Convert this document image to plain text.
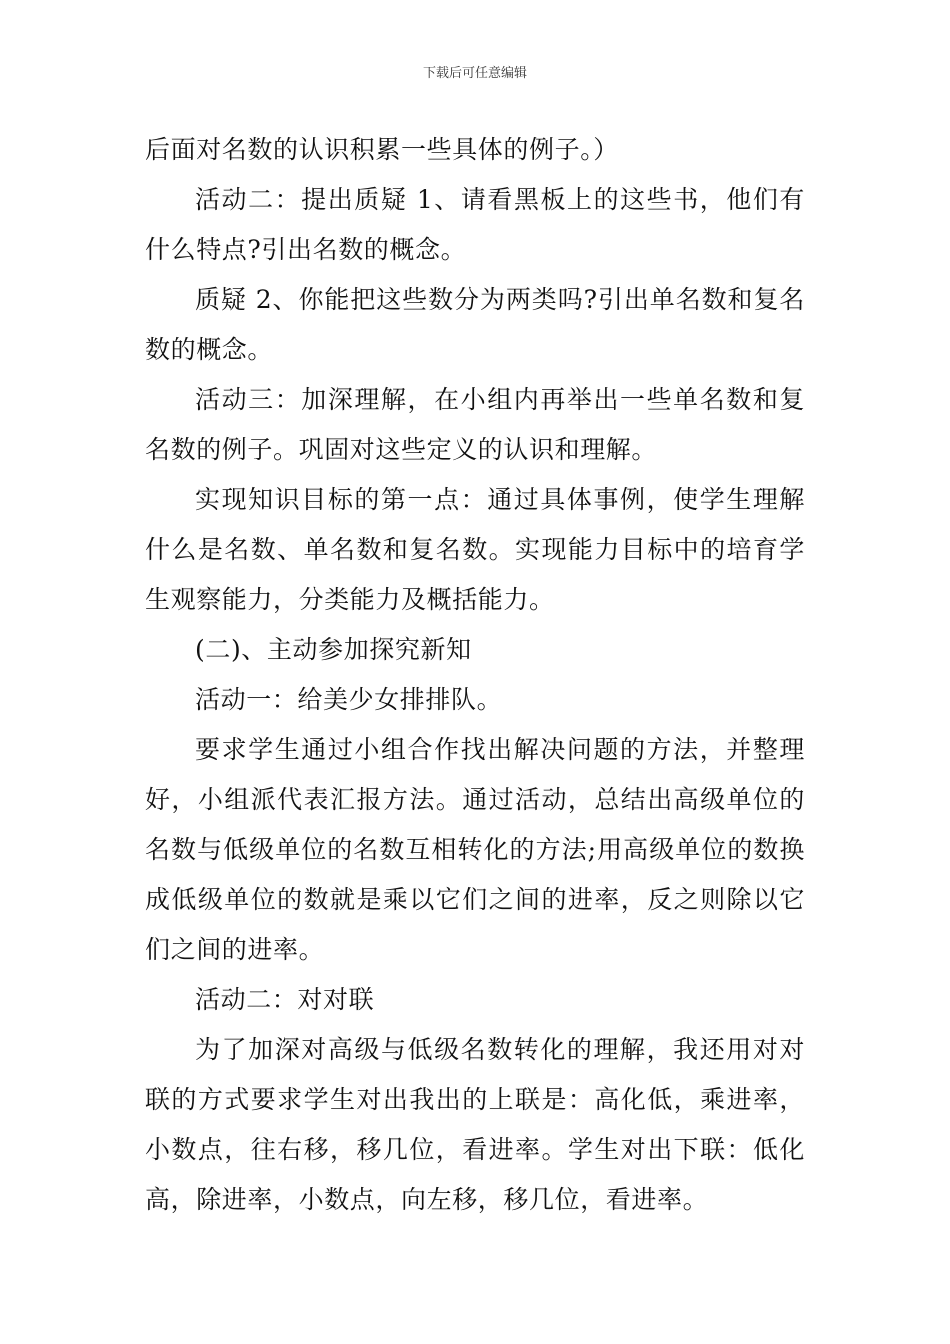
下载后可任意编辑

后面对名数的认识积累一些具体的例子。）

活动二：提出质疑 1、请看黑板上的这些书，他们有什么特点?引出名数的概念。

质疑 2、你能把这些数分为两类吗?引出单名数和复名数的概念。

活动三：加深理解，在小组内再举出一些单名数和复名数的例子。巩固对这些定义的认识和理解。

实现知识目标的第一点：通过具体事例，使学生理解什么是名数、单名数和复名数。实现能力目标中的培育学生观察能力，分类能力及概括能力。

(二)、主动参加探究新知

活动一：给美少女排排队。

要求学生通过小组合作找出解决问题的方法，并整理好，小组派代表汇报方法。通过活动，总结出高级单位的名数与低级单位的名数互相转化的方法;用高级单位的数换成低级单位的数就是乘以它们之间的进率，反之则除以它们之间的进率。

活动二：对对联

为了加深对高级与低级名数转化的理解，我还用对对联的方式要求学生对出我出的上联是：高化低，乘进率，小数点，往右移，移几位，看进率。学生对出下联：低化高，除进率，小数点，向左移，移几位，看进率。
